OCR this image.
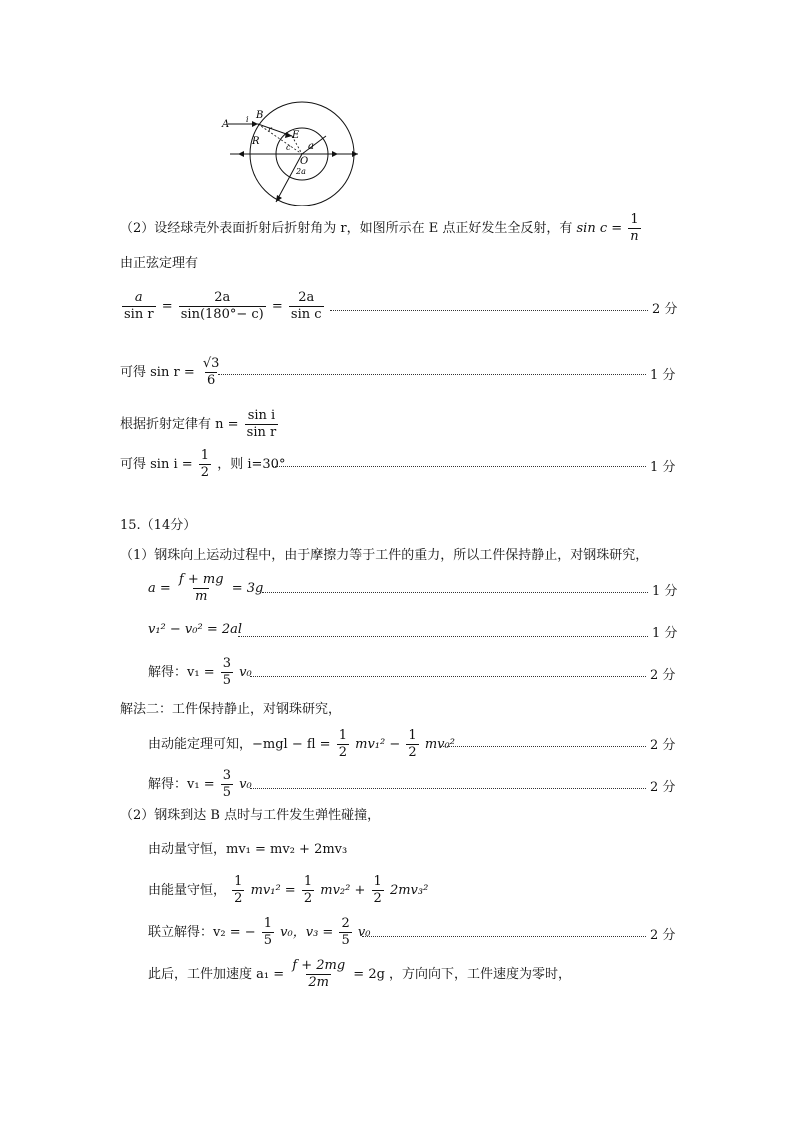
A
B
i
r
R
E
c a
O
2a
（2）设经球壳外表面折射后折射角为 r，如图所示在 E 点正好发生全反射，有 $\sin c = \frac{1}{n}$
由正弦定理有
$\frac{a}{\text{sin r}} = \frac{2a}{\sin(180^\circ- c)} = \frac{2a}{\text{sin c}}$	2 分
可得 $\sin r = \frac{√3}{6}$	1 分
根据折射定律有 $n = \frac{\text{sin i}}{\text{sin r}}$
可得 $\sin i = \frac{1}{2}$ ，则 i=30°	1 分
15.（14分）
（1）钢珠向上运动过程中，由于摩擦力等于工件的重力，所以工件保持静止，对钢珠研究，
$a = \frac{f + mg}{m} = 3g$	1 分
v₁² − v₀² = 2al	1 分
解得：$v_1 = \frac{3}{5} v_0$	2 分
解法二：工件保持静止，对钢珠研究，
由动能定理可知，−mgl − fl = $\frac{1}{2} mv_1^2 - \frac{1}{2} mv_0^2$	2 分
解得：$v_1 = \frac{3}{5} v_0$	2 分
（2）钢珠到达 B 点时与工件发生弹性碰撞，
由动量守恒，mv₁ = mv₂ + 2mv₃
由能量守恒， $\frac{1}{2} mv_1^2 = \frac{1}{2} mv_2^2 + \frac{1}{2} 2mv_3^2$
联立解得：v₂ = − $\frac{1}{5} v_0$，$v_3 = \frac{2}{5} v_0$	2 分
此后，工件加速度 $a_1 = \frac{f + 2mg}{2m} = 2g$ ，方向向下，工件速度为零时，
